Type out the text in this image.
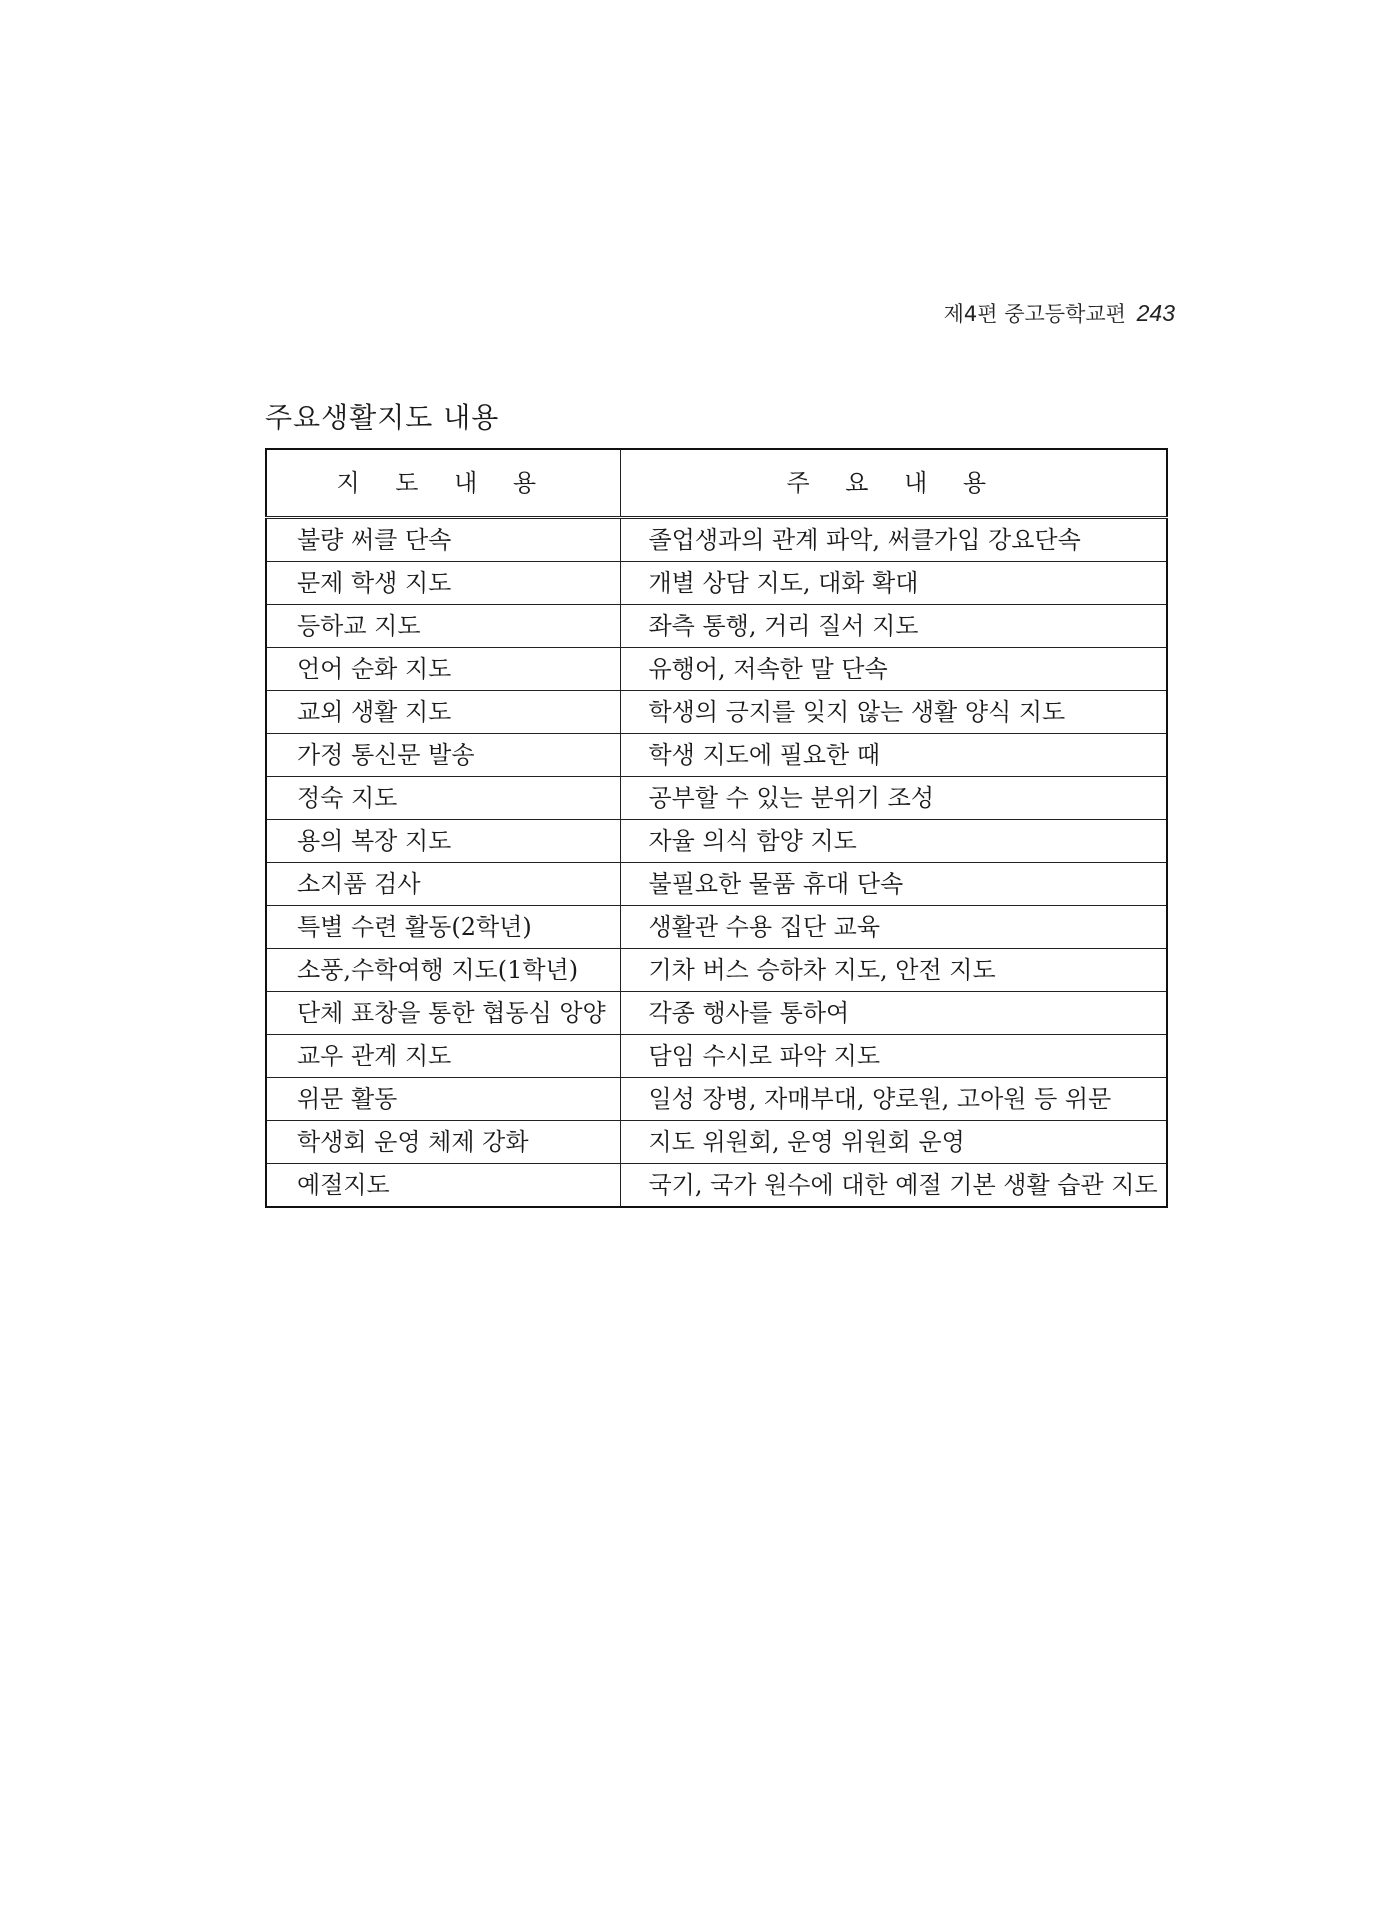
제4편 중고등학교편 243
주요생활지도 내용
지 도 내 용	주 요 내 용
불량 써클 단속	졸업생과의 관계 파악, 써클가입 강요단속
문제 학생 지도	개별 상담 지도, 대화 확대
등하교 지도	좌측 통행, 거리 질서 지도
언어 순화 지도	유행어, 저속한 말 단속
교외 생활 지도	학생의 긍지를 잊지 않는 생활 양식 지도
가정 통신문 발송	학생 지도에 필요한 때
정숙 지도	공부할 수 있는 분위기 조성
용의 복장 지도	자율 의식 함양 지도
소지품 검사	불필요한 물품 휴대 단속
특별 수련 활동(2학년)	생활관 수용 집단 교육
소풍,수학여행 지도(1학년)	기차 버스 승하차 지도, 안전 지도
단체 표창을 통한 협동심 앙양	각종 행사를 통하여
교우 관계 지도	담임 수시로 파악 지도
위문 활동	일성 장병, 자매부대, 양로원, 고아원 등 위문
학생회 운영 체제 강화	지도 위원회, 운영 위원회 운영
예절지도	국기, 국가 원수에 대한 예절 기본 생활 습관 지도
